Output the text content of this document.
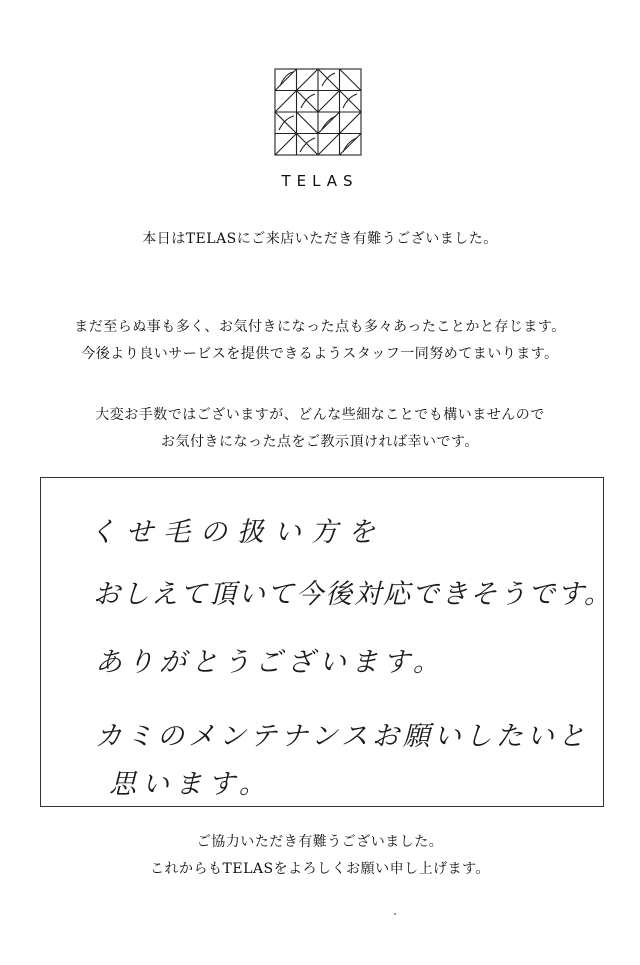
TELAS
本日はTELASにご来店いただき有難うございました。
まだ至らぬ事も多く、お気付きになった点も多々あったことかと存じます。
今後より良いサービスを提供できるようスタッフ一同努めてまいります。
大変お手数ではございますが、どんな些細なことでも構いませんので
お気付きになった点をご教示頂ければ幸いです。
くせ毛の扱い方を
おしえて頂いて今後対応できそうです。
ありがとうございます。
カミのメンテナンスお願いしたいと
思います。
ご協力いただき有難うございました。
これからもTELASをよろしくお願い申し上げます。
